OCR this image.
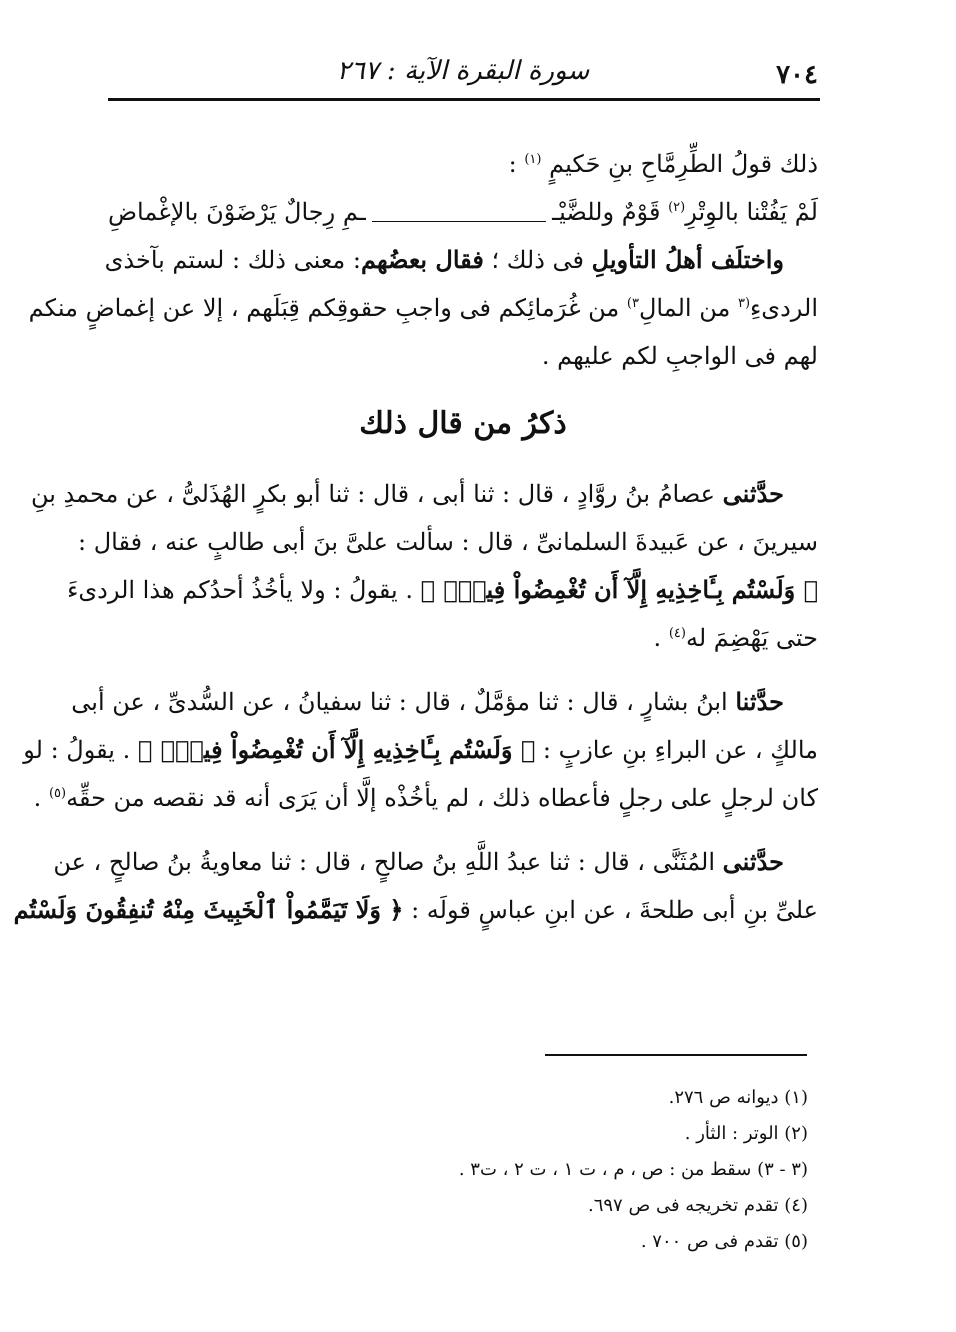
٧٠٤
سورة البقرة الآية : ٢٦٧
ذلك قولُ الطِّرِمَّاحِ بنِ حَكيمٍ $^{(١)}$ :
لَمْ يَفُتْنا بالوِتْرِ$^{(٢)}$ قَوْمٌ وللضَّيْـ
ـمِ رِجالٌ يَرْضَوْنَ بالإغْماضِ
واختلَف أهلُ التأويلِ فى ذلك ؛ فقال بعضُهم: معنى ذلك : لستم بآخذى
الردىءِ$^{(٣}$ من المالِ$^{٣)}$ من غُرَمائِكم فى واجبِ حقوقِكم قِبَلَهم ، إلا عن إغماضٍ منكم
لهم فى الواجبِ لكم عليهم .
ذكرُ من قال ذلك
حدَّثنى عصامُ بنُ روَّادٍ ، قال : ثنا أبى ، قال : ثنا أبو بكرٍ الهُذَلىُّ ، عن محمدِ بنِ
سيرينَ ، عن عَبيدةَ السلمانىِّ ، قال : سألت علىَّ بنَ أبى طالبٍ عنه ، فقال :
﴿ وَلَسْتُم بِـَٔاخِذِيهِ إِلَّآ أَن تُغْمِضُواْ فِيهِۚ ﴾ . يقولُ : ولا يأخُذُ أحدُكم هذا الردىءَ
حتى يَهْضِمَ له$^{(٤)}$ .
حدَّثنا ابنُ بشارٍ ، قال : ثنا مؤمَّلٌ ، قال : ثنا سفيانُ ، عن السُّدىِّ ، عن أبى
مالكٍ ، عن البراءِ بنِ عازبٍ : ﴿ وَلَسْتُم بِـَٔاخِذِيهِ إِلَّآ أَن تُغْمِضُواْ فِيهِۚ ﴾ . يقولُ : لو
كان لرجلٍ على رجلٍ فأعطاه ذلك ، لم يأخُذْه إلَّا أن يَرَى أنه قد نقصه من حقِّه$^{(٥)}$ .
حدَّثنى المُثَنَّى ، قال : ثنا عبدُ اللَّهِ بنُ صالحٍ ، قال : ثنا معاويةُ بنُ صالحٍ ، عن
علىِّ بنِ أبى طلحةَ ، عن ابنِ عباسٍ قولَه : ﴿ وَلَا تَيَمَّمُواْ ٱلْخَبِيثَ مِنْهُ تُنفِقُونَ وَلَسْتُم
(١) ديوانه ص ٢٧٦.
(٢) الوتر : الثأر .
(٣ - ٣) سقط من : ص ، م ، ت ١ ، ت ٢ ، ت٣ .
(٤) تقدم تخريجه فى ص ٦٩٧.
(٥) تقدم فى ص ٧٠٠ .
